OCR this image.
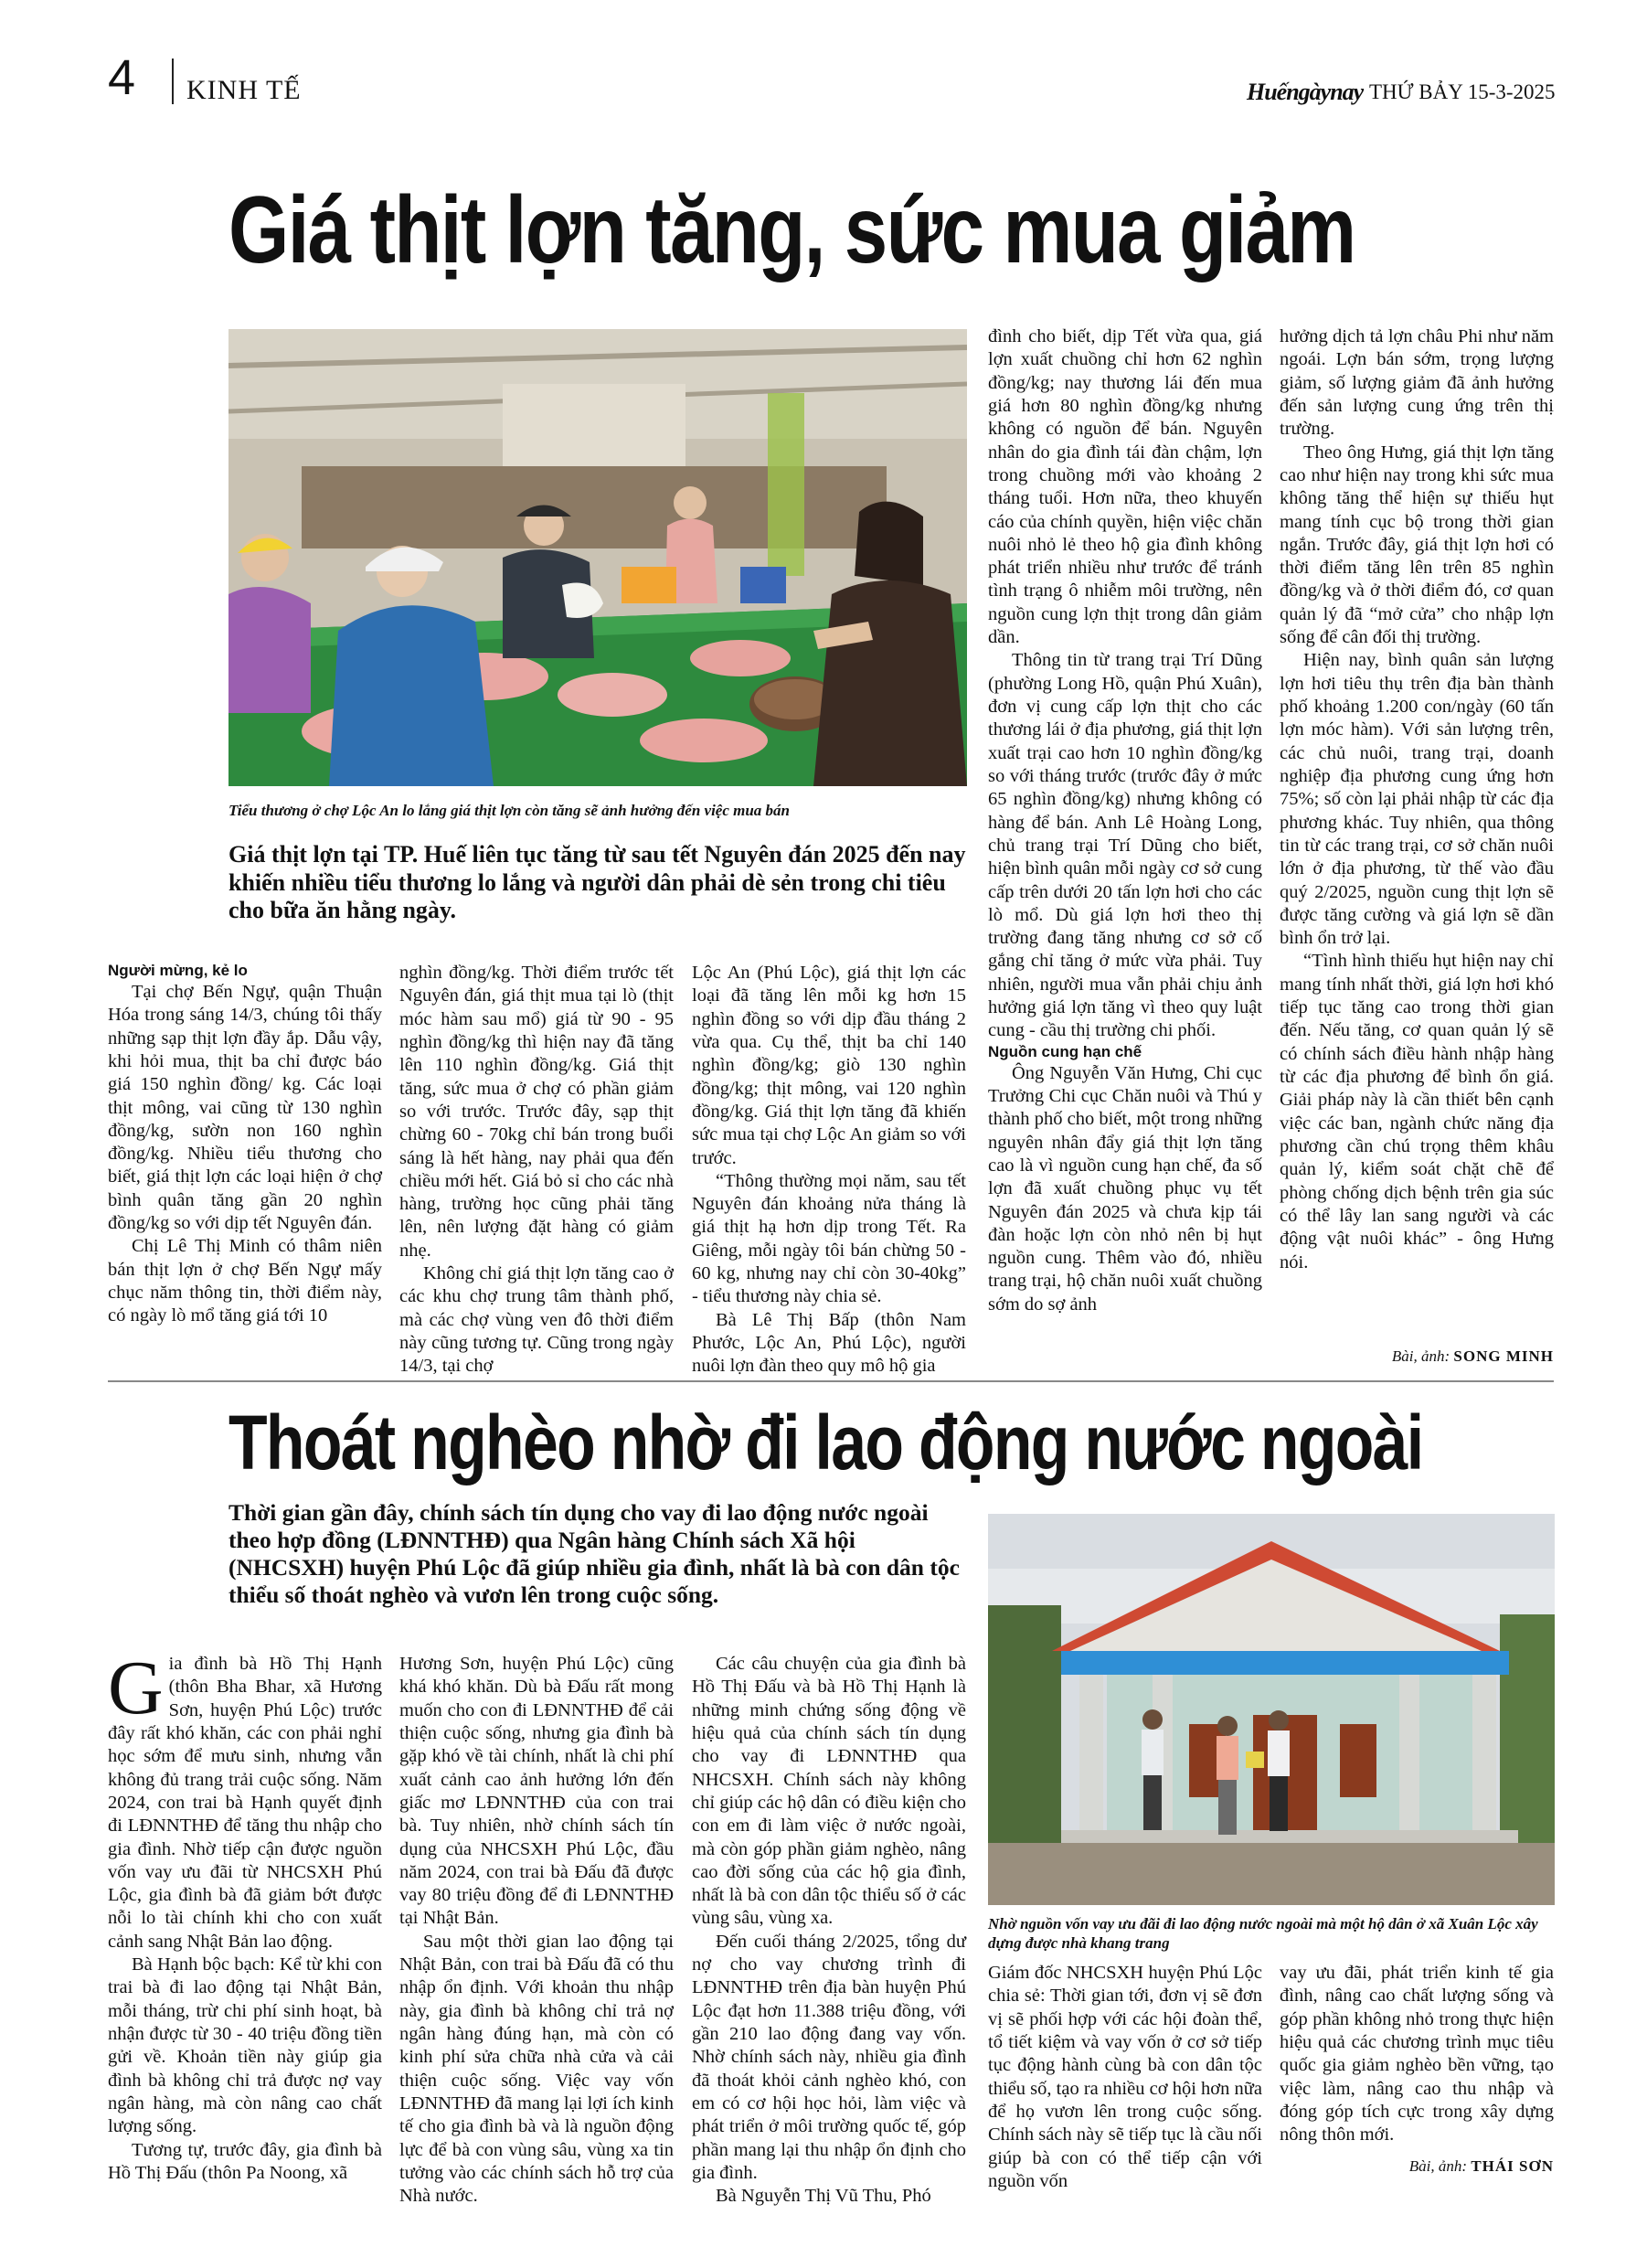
4 KINH TẾ	Huếngàynay THỨ BẢY 15-3-2025
Giá thịt lợn tăng, sức mua giảm
Tiểu thương ở chợ Lộc An lo lắng giá thịt lợn còn tăng sẽ ảnh hưởng đến việc mua bán
Giá thịt lợn tại TP. Huế liên tục tăng từ sau tết Nguyên đán 2025 đến nay khiến nhiều tiểu thương lo lắng và người dân phải dè sẻn trong chi tiêu cho bữa ăn hằng ngày.

Người mừng, kẻ lo

Tại chợ Bến Ngự, quận Thuận Hóa trong sáng 14/3, chúng tôi thấy những sạp thịt lợn đầy ắp. Dẫu vậy, khi hỏi mua, thịt ba chỉ được báo giá 150 nghìn đồng/ kg. Các loại thịt mông, vai cũng từ 130 nghìn đồng/kg, sườn non 160 nghìn đồng/kg. Nhiều tiểu thương cho biết, giá thịt lợn các loại hiện ở chợ bình quân tăng gần 20 nghìn đồng/kg so với dịp tết Nguyên đán.

Chị Lê Thị Minh có thâm niên bán thịt lợn ở chợ Bến Ngự mấy chục năm thông tin, thời điểm này, có ngày lò mổ tăng giá tới 10

nghìn đồng/kg. Thời điểm trước tết Nguyên đán, giá thịt mua tại lò (thịt móc hàm sau mổ) giá từ 90 - 95 nghìn đồng/kg thì hiện nay đã tăng lên 110 nghìn đồng/kg. Giá thịt tăng, sức mua ở chợ có phần giảm so với trước. Trước đây, sạp thịt chừng 60 - 70kg chỉ bán trong buổi sáng là hết hàng, nay phải qua đến chiều mới hết. Giá bỏ sỉ cho các nhà hàng, trường học cũng phải tăng lên, nên lượng đặt hàng có giảm nhẹ.

Không chỉ giá thịt lợn tăng cao ở các khu chợ trung tâm thành phố, mà các chợ vùng ven đô thời điểm này cũng tương tự. Cũng trong ngày 14/3, tại chợ

Lộc An (Phú Lộc), giá thịt lợn các loại đã tăng lên mỗi kg hơn 15 nghìn đồng so với dịp đầu tháng 2 vừa qua. Cụ thể, thịt ba chỉ 140 nghìn đồng/kg; giò 130 nghìn đồng/kg; thịt mông, vai 120 nghìn đồng/kg. Giá thịt lợn tăng đã khiến sức mua tại chợ Lộc An giảm so với trước.

“Thông thường mọi năm, sau tết Nguyên đán khoảng nửa tháng là giá thịt hạ hơn dịp trong Tết. Ra Giêng, mỗi ngày tôi bán chừng 50 - 60 kg, nhưng nay chỉ còn 30-40kg” - tiểu thương này chia sẻ.

Bà Lê Thị Bấp (thôn Nam Phước, Lộc An, Phú Lộc), người nuôi lợn đàn theo quy mô hộ gia

đình cho biết, dịp Tết vừa qua, giá lợn xuất chuồng chỉ hơn 62 nghìn đồng/kg; nay thương lái đến mua giá hơn 80 nghìn đồng/kg nhưng không có nguồn để bán. Nguyên nhân do gia đình tái đàn chậm, lợn trong chuồng mới vào khoảng 2 tháng tuổi. Hơn nữa, theo khuyến cáo của chính quyền, hiện việc chăn nuôi nhỏ lẻ theo hộ gia đình không phát triển nhiều như trước để tránh tình trạng ô nhiễm môi trường, nên nguồn cung lợn thịt trong dân giảm dần.

Thông tin từ trang trại Trí Dũng (phường Long Hồ, quận Phú Xuân), đơn vị cung cấp lợn thịt cho các thương lái ở địa phương, giá thịt lợn xuất trại cao hơn 10 nghìn đồng/kg so với tháng trước (trước đây ở mức 65 nghìn đồng/kg) nhưng không có hàng để bán. Anh Lê Hoàng Long, chủ trang trại Trí Dũng cho biết, hiện bình quân mỗi ngày cơ sở cung cấp trên dưới 20 tấn lợn hơi cho các lò mổ. Dù giá lợn hơi theo thị trường đang tăng nhưng cơ sở cố gắng chỉ tăng ở mức vừa phải. Tuy nhiên, người mua vẫn phải chịu ảnh hưởng giá lợn tăng vì theo quy luật cung - cầu thị trường chi phối.

Nguồn cung hạn chế

Ông Nguyễn Văn Hưng, Chi cục Trưởng Chi cục Chăn nuôi và Thú y thành phố cho biết, một trong những nguyên nhân đẩy giá thịt lợn tăng cao là vì nguồn cung hạn chế, đa số lợn đã xuất chuồng phục vụ tết Nguyên đán 2025 và chưa kịp tái đàn hoặc lợn còn nhỏ nên bị hụt nguồn cung. Thêm vào đó, nhiều trang trại, hộ chăn nuôi xuất chuồng sớm do sợ ảnh

hưởng dịch tả lợn châu Phi như năm ngoái. Lợn bán sớm, trọng lượng giảm, số lượng giảm đã ảnh hưởng đến sản lượng cung ứng trên thị trường.

Theo ông Hưng, giá thịt lợn tăng cao như hiện nay trong khi sức mua không tăng thể hiện sự thiếu hụt mang tính cục bộ trong thời gian ngắn. Trước đây, giá thịt lợn hơi có thời điểm tăng lên trên 85 nghìn đồng/kg và ở thời điểm đó, cơ quan quản lý đã “mở cửa” cho nhập lợn sống để cân đối thị trường.

Hiện nay, bình quân sản lượng lợn hơi tiêu thụ trên địa bàn thành phố khoảng 1.200 con/ngày (60 tấn lợn móc hàm). Với sản lượng trên, các chủ nuôi, trang trại, doanh nghiệp địa phương cung ứng hơn 75%; số còn lại phải nhập từ các địa phương khác. Tuy nhiên, qua thông tin từ các trang trại, cơ sở chăn nuôi lớn ở địa phương, từ thế vào đầu quý 2/2025, nguồn cung thịt lợn sẽ được tăng cường và giá lợn sẽ dần bình ổn trở lại.

“Tình hình thiếu hụt hiện nay chỉ mang tính nhất thời, giá lợn hơi khó tiếp tục tăng cao trong thời gian đến. Nếu tăng, cơ quan quản lý sẽ có chính sách điều hành nhập hàng từ các địa phương để bình ổn giá. Giải pháp này là cần thiết bên cạnh việc các ban, ngành chức năng địa phương cần chú trọng thêm khâu quản lý, kiểm soát chặt chẽ để phòng chống dịch bệnh trên gia súc có thể lây lan sang người và các động vật nuôi khác” - ông Hưng nói.

Bài, ảnh: SONG MINH
Thoát nghèo nhờ đi lao động nước ngoài
Thời gian gần đây, chính sách tín dụng cho vay đi lao động nước ngoài theo hợp đồng (LĐNNTHĐ) qua Ngân hàng Chính sách Xã hội (NHCSXH) huyện Phú Lộc đã giúp nhiều gia đình, nhất là bà con dân tộc thiểu số thoát nghèo và vươn lên trong cuộc sống.
Nhờ nguồn vốn vay ưu đãi đi lao động nước ngoài mà một hộ dân ở xã Xuân Lộc xây dựng được nhà khang trang

Gia đình bà Hồ Thị Hạnh (thôn Bha Bhar, xã Hương Sơn, huyện Phú Lộc) trước đây rất khó khăn, các con phải nghỉ học sớm để mưu sinh, nhưng vẫn không đủ trang trải cuộc sống. Năm 2024, con trai bà Hạnh quyết định đi LĐNNTHĐ để tăng thu nhập cho gia đình. Nhờ tiếp cận được nguồn vốn vay ưu đãi từ NHCSXH Phú Lộc, gia đình bà đã giảm bớt được nỗi lo tài chính khi cho con xuất cảnh sang Nhật Bản lao động.

Bà Hạnh bộc bạch: Kể từ khi con trai bà đi lao động tại Nhật Bản, mỗi tháng, trừ chi phí sinh hoạt, bà nhận được từ 30 - 40 triệu đồng tiền gửi về. Khoản tiền này giúp gia đình bà không chỉ trả được nợ vay ngân hàng, mà còn nâng cao chất lượng sống.

Tương tự, trước đây, gia đình bà Hồ Thị Đấu (thôn Pa Noong, xã

Hương Sơn, huyện Phú Lộc) cũng khá khó khăn. Dù bà Đấu rất mong muốn cho con đi LĐNNTHĐ để cải thiện cuộc sống, nhưng gia đình bà gặp khó về tài chính, nhất là chi phí xuất cảnh cao ảnh hưởng lớn đến giấc mơ LĐNNTHĐ của con trai bà. Tuy nhiên, nhờ chính sách tín dụng của NHCSXH Phú Lộc, đầu năm 2024, con trai bà Đấu đã được vay 80 triệu đồng để đi LĐNNTHĐ tại Nhật Bản.

Sau một thời gian lao động tại Nhật Bản, con trai bà Đấu đã có thu nhập ổn định. Với khoản thu nhập này, gia đình bà không chỉ trả nợ ngân hàng đúng hạn, mà còn có kinh phí sửa chữa nhà cửa và cải thiện cuộc sống. Việc vay vốn LĐNNTHĐ đã mang lại lợi ích kinh tế cho gia đình bà và là nguồn động lực để bà con vùng sâu, vùng xa tin tưởng vào các chính sách hỗ trợ của Nhà nước.

Các câu chuyện của gia đình bà Hồ Thị Đấu và bà Hồ Thị Hạnh là những minh chứng sống động về hiệu quả của chính sách tín dụng cho vay đi LĐNNTHĐ qua NHCSXH. Chính sách này không chỉ giúp các hộ dân có điều kiện cho con em đi làm việc ở nước ngoài, mà còn góp phần giảm nghèo, nâng cao đời sống của các hộ gia đình, nhất là bà con dân tộc thiểu số ở các vùng sâu, vùng xa.

Đến cuối tháng 2/2025, tổng dư nợ cho vay chương trình đi LĐNNTHĐ trên địa bàn huyện Phú Lộc đạt hơn 11.388 triệu đồng, với gần 210 lao động đang vay vốn. Nhờ chính sách này, nhiều gia đình đã thoát khỏi cảnh nghèo khó, con em có cơ hội học hỏi, làm việc và phát triển ở môi trường quốc tế, góp phần mang lại thu nhập ổn định cho gia đình.

Bà Nguyễn Thị Vũ Thu, Phó

Giám đốc NHCSXH huyện Phú Lộc chia sẻ: Thời gian tới, đơn vị sẽ đơn vị sẽ phối hợp với các hội đoàn thể, tổ tiết kiệm và vay vốn ở cơ sở tiếp tục động hành cùng bà con dân tộc thiểu số, tạo ra nhiều cơ hội hơn nữa để họ vươn lên trong cuộc sống. Chính sách này sẽ tiếp tục là cầu nối giúp bà con có thể tiếp cận với nguồn vốn

vay ưu đãi, phát triển kinh tế gia đình, nâng cao chất lượng sống và góp phần không nhỏ trong thực hiện hiệu quả các chương trình mục tiêu quốc gia giảm nghèo bền vững, tạo việc làm, nâng cao thu nhập và đóng góp tích cực trong xây dựng nông thôn mới.

Bài, ảnh: THÁI SƠN
